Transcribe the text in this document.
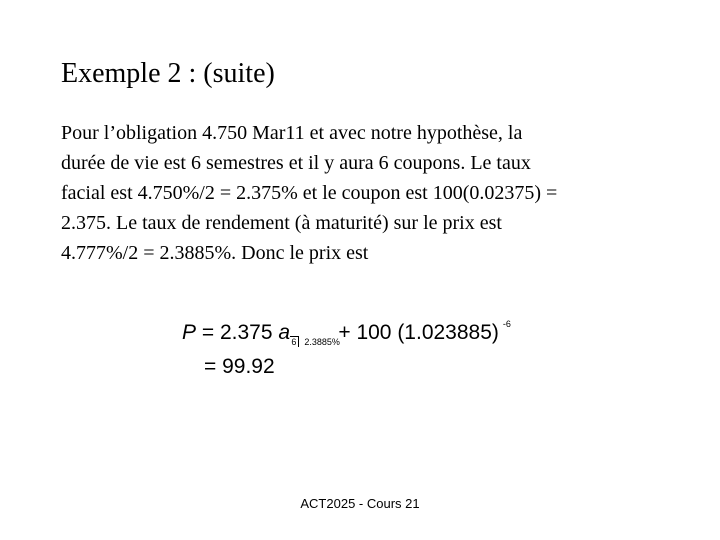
Exemple 2 : (suite)
Pour l’obligation 4.750 Mar11 et avec notre hypothèse, la
durée de vie est 6 semestres et il y aura 6 coupons. Le taux
facial est 4.750%/2 = 2.375% et le coupon est 100(0.02375) =
2.375. Le taux de rendement (à maturité) sur le prix est
4.777%/2 = 2.3885%. Donc le prix est
P = 2.375 a 6 2.3885%
+ 100 (1.023885) $^{-6}$
= 99.92
ACT2025 - Cours 21
